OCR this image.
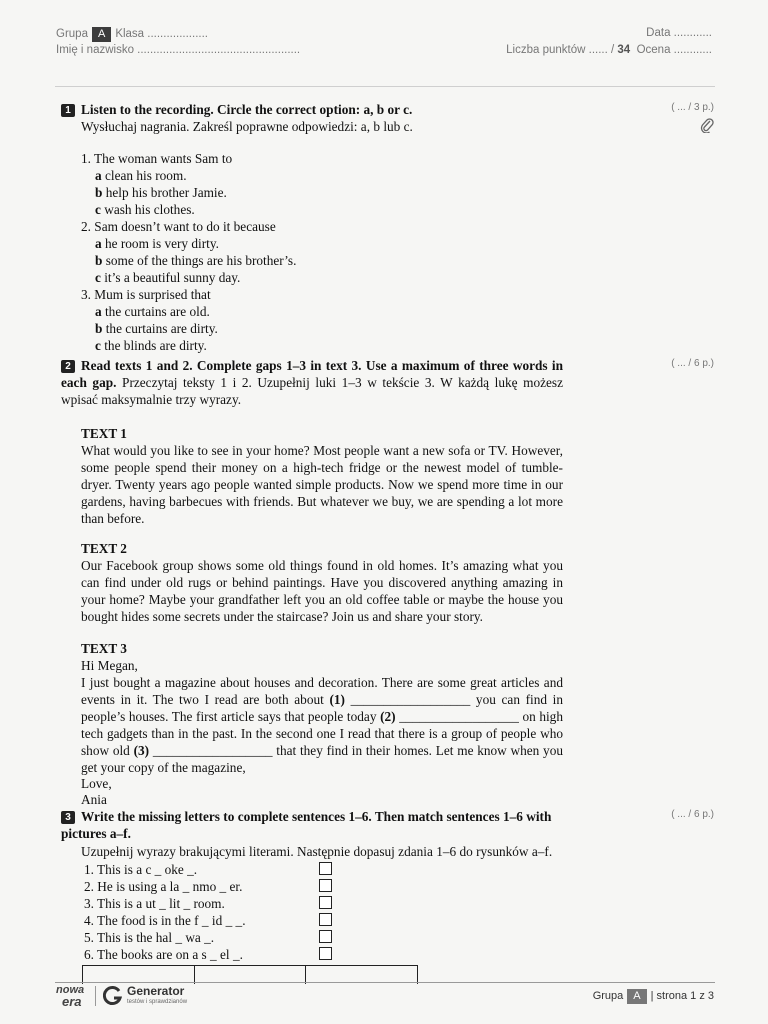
Grupa A Klasa ...................	Data ............
Imię i nazwisko ...................................................	Liczba punktów ...... / 34 Ocena ............
( ... / 3 p.)
1 Listen to the recording. Circle the correct option: a, b or c.
Wysłuchaj nagrania. Zakreśl poprawne odpowiedzi: a, b lub c.
1. The woman wants Sam to
a clean his room.
b help his brother Jamie.
c wash his clothes.
2. Sam doesn’t want to do it because
a he room is very dirty.
b some of the things are his brother’s.
c it’s a beautiful sunny day.
3. Mum is surprised that
a the curtains are old.
b the curtains are dirty.
c the blinds are dirty.
( ... / 6 p.)
2 Read texts 1 and 2. Complete gaps 1–3 in text 3. Use a maximum of three words in each gap. Przeczytaj teksty 1 i 2. Uzupełnij luki 1–3 w tekście 3. W każdą lukę możesz wpisać maksymalnie trzy wyrazy.
TEXT 1
What would you like to see in your home? Most people want a new sofa or TV. However, some people spend their money on a high-tech fridge or the newest model of tumble-dryer. Twenty years ago people wanted simple products. Now we spend more time in our gardens, having barbecues with friends. But whatever we buy, we are spending a lot more than before.
TEXT 2
Our Facebook group shows some old things found in old homes. It’s amazing what you can find under old rugs or behind paintings. Have you discovered anything amazing in your home? Maybe your grandfather left you an old coffee table or maybe the house you bought hides some secrets under the staircase? Join us and share your story.
TEXT 3
Hi Megan,
I just bought a magazine about houses and decoration. There are some great articles and events in it. The two I read are both about (1) __________________ you can find in people’s houses. The first article says that people today (2) __________________ on high tech gadgets than in the past. In the second one I read that there is a group of people who show old (3) __________________ that they find in their homes. Let me know when you get your copy of the magazine,
Love,
Ania
( ... / 6 p.)
3 Write the missing letters to complete sentences 1–6. Then match sentences 1–6 with pictures a–f.
Uzupełnij wyrazy brakującymi literami. Następnie dopasuj zdania 1–6 do rysunków a–f.
1. This is a c _ oke _.
2. He is using a la _ nmo _ er.
3. This is a ut _ lit _ room.
4. The food is in the f _ id _ _.
5. This is the hal _ wa _.
6. The books are on a s _ el _.
nowa
era
Generator
testów i sprawdzianów	Grupa A | strona 1 z 3
